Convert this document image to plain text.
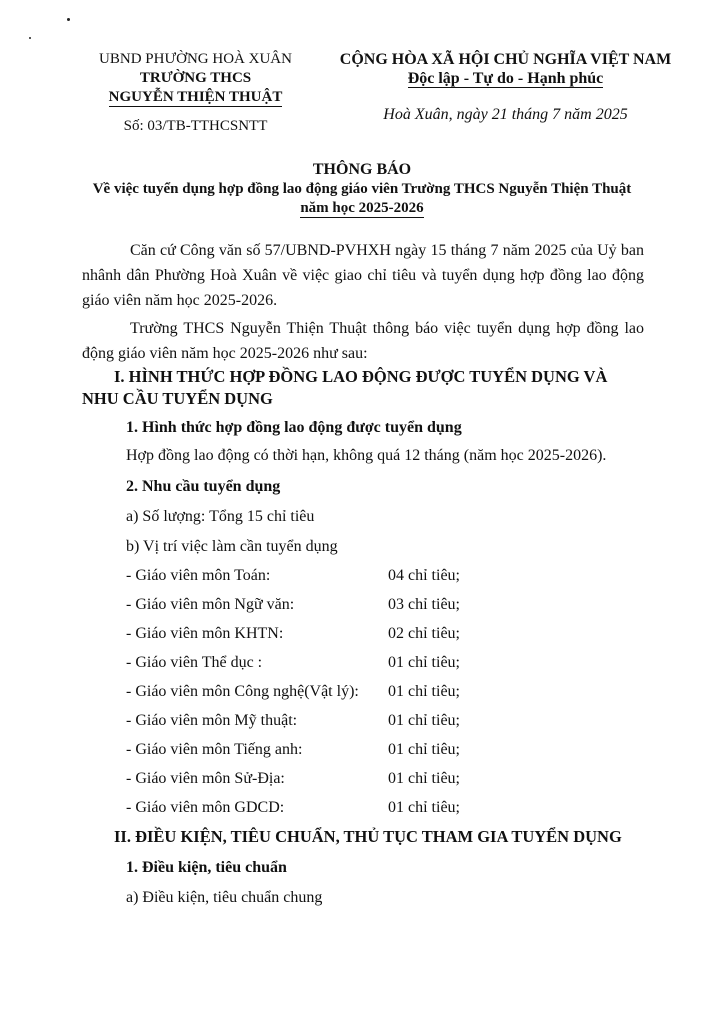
UBND PHƯỜNG HOÀ XUÂN
TRƯỜNG THCS
NGUYỄN THIỆN THUẬT
Số: 03/TB-TTHCSNTT
CỘNG HÒA XÃ HỘI CHỦ NGHĨA VIỆT NAM
Độc lập - Tự do - Hạnh phúc
Hoà Xuân, ngày 21 tháng 7 năm 2025
THÔNG BÁO
Về việc tuyển dụng hợp đồng lao động giáo viên Trường THCS Nguyễn Thiện Thuật
năm học 2025-2026

Căn cứ Công văn số 57/UBND-PVHXH ngày 15 tháng 7 năm 2025 của Uỷ ban nhânh dân Phường Hoà Xuân về việc giao chỉ tiêu và tuyển dụng hợp đồng lao động giáo viên năm học 2025-2026.

Trường THCS Nguyễn Thiện Thuật thông báo việc tuyển dụng hợp đồng lao động giáo viên năm học 2025-2026 như sau:

I. HÌNH THỨC HỢP ĐỒNG LAO ĐỘNG ĐƯỢC TUYỂN DỤNG VÀ NHU CẦU TUYỂN DỤNG

1. Hình thức hợp đồng lao động được tuyển dụng

Hợp đồng lao động có thời hạn, không quá 12 tháng (năm học 2025-2026).

2. Nhu cầu tuyển dụng

a) Số lượng: Tổng 15 chỉ tiêu
b) Vị trí việc làm cần tuyển dụng
- Giáo viên môn Toán:	04 chỉ tiêu;
- Giáo viên môn Ngữ văn:	03 chỉ tiêu;
- Giáo viên môn KHTN:	02 chỉ tiêu;
- Giáo viên Thể dục :	01 chỉ tiêu;
- Giáo viên môn Công nghệ(Vật lý): 01 chỉ tiêu;
- Giáo viên môn Mỹ thuật:	01 chỉ tiêu;
- Giáo viên môn Tiếng anh:	01 chỉ tiêu;
- Giáo viên môn Sử-Địa:	01 chỉ tiêu;
- Giáo viên môn GDCD:	01 chỉ tiêu;

II. ĐIỀU KIỆN, TIÊU CHUẨN, THỦ TỤC THAM GIA TUYỂN DỤNG

1. Điều kiện, tiêu chuẩn

a) Điều kiện, tiêu chuẩn chung
